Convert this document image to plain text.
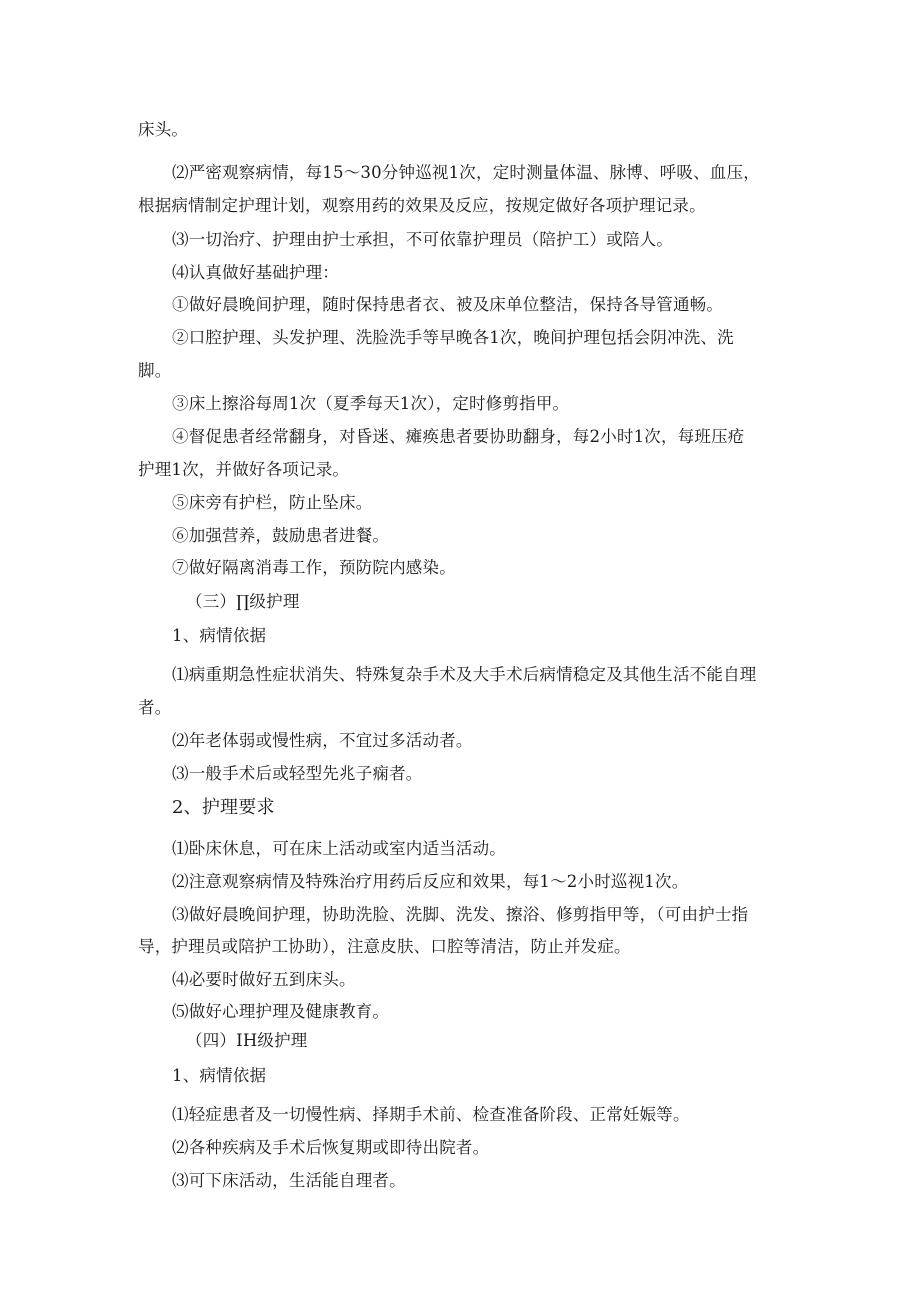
床头。
⑵严密观察病情，每15～30分钟巡视1次，定时测量体温、脉博、呼吸、血压，
根据病情制定护理计划，观察用药的效果及反应，按规定做好各项护理记录。
⑶一切治疗、护理由护士承担，不可依靠护理员（陪护工）或陪人。
⑷认真做好基础护理：
①做好晨晚间护理，随时保持患者衣、被及床单位整洁，保持各导管通畅。
②口腔护理、头发护理、洗脸洗手等早晚各1次，晚间护理包括会阴冲洗、洗
脚。
③床上擦浴每周1次（夏季每天1次），定时修剪指甲。
④督促患者经常翻身，对昏迷、瘫痪患者要协助翻身，每2小时1次，每班压疮
护理1次，并做好各项记录。
⑤床旁有护栏，防止坠床。
⑥加强营养，鼓励患者进餐。
⑦做好隔离消毒工作，预防院内感染。
（三）∏级护理
1、病情依据
⑴病重期急性症状消失、特殊复杂手术及大手术后病情稳定及其他生活不能自理
者。
⑵年老体弱或慢性病，不宜过多活动者。
⑶一般手术后或轻型先兆子痫者。
2、护理要求
⑴卧床休息，可在床上活动或室内适当活动。
⑵注意观察病情及特殊治疗用药后反应和效果，每1～2小时巡视1次。
⑶做好晨晚间护理，协助洗脸、洗脚、洗发、擦浴、修剪指甲等，（可由护士指
导，护理员或陪护工协助），注意皮肤、口腔等清洁，防止并发症。
⑷必要时做好五到床头。
⑸做好心理护理及健康教育。
（四）IH级护理
1、病情依据
⑴轻症患者及一切慢性病、择期手术前、检查准备阶段、正常妊娠等。
⑵各种疾病及手术后恢复期或即待出院者。
⑶可下床活动，生活能自理者。
